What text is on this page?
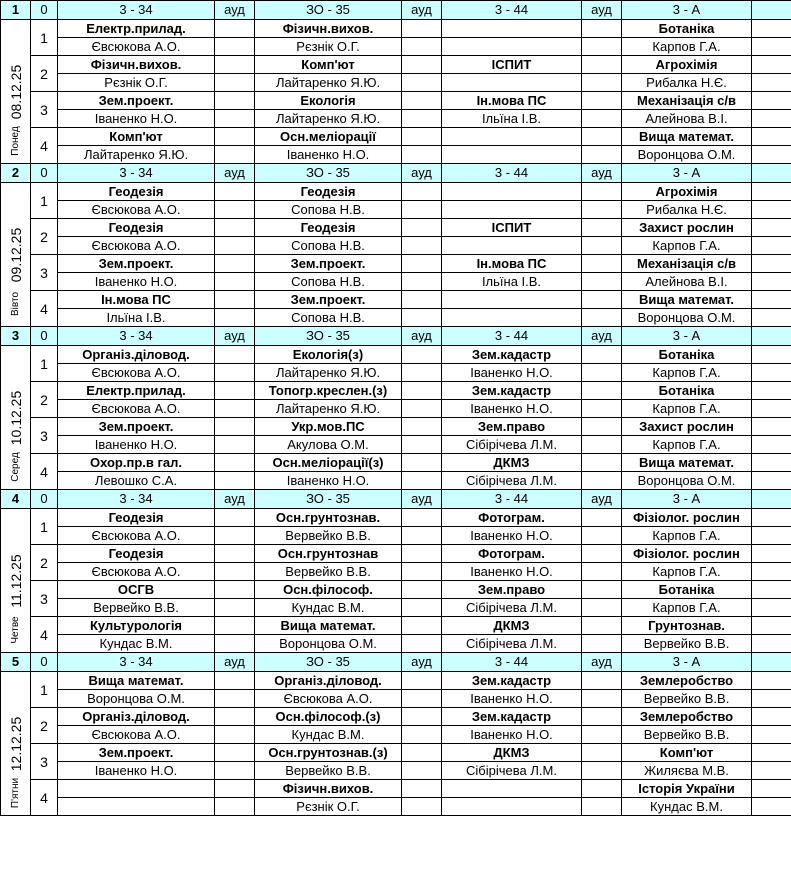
1	0	3 - 34	ауд	ЗО - 35	ауд	3 - 44	ауд	3 - А	

08.12.25
Понед	1	Електр.прилад.		Фізичн.вихов.				Ботаніка	
		Євсюкова А.О.		Рєзнік О.Г.				Карпов Г.А.	
	2	Фізичн.вихов.		Комп'ют		ІСПИТ		Агрохімія	
		Рєзнік О.Г.		Лайтаренко Я.Ю.				Рибалка Н.Є.	
	3	Зем.проект.		Екологія		Ін.мова ПС		Механізація с/в	
		Іваненко Н.О.		Лайтаренко Я.Ю.		Ільїна І.В.		Алейнова В.І.	
	4	Комп'ют		Осн.меліорації				Вища математ.	
		Лайтаренко Я.Ю.		Іваненко Н.О.				Воронцова О.М.	
2	0	3 - 34	ауд	ЗО - 35	ауд	3 - 44	ауд	3 - А	

09.12.25
Вівто	1	Геодезія		Геодезія				Агрохімія	
		Євсюкова А.О.		Сопова Н.В.				Рибалка Н.Є.	
	2	Геодезія		Геодезія		ІСПИТ		Захист рослин	
		Євсюкова А.О.		Сопова Н.В.				Карпов Г.А.	
	3	Зем.проект.		Зем.проект.		Ін.мова ПС		Механізація с/в	
		Іваненко Н.О.		Сопова Н.В.		Ільїна І.В.		Алейнова В.І.	
	4	Ін.мова ПС		Зем.проект.				Вища математ.	
		Ільїна І.В.		Сопова Н.В.				Воронцова О.М.	
3	0	3 - 34	ауд	ЗО - 35	ауд	3 - 44	ауд	3 - А	

10.12.25
Серед	1	Організ.діловод.		Екологія(з)		Зем.кадастр		Ботаніка	
		Євсюкова А.О.		Лайтаренко Я.Ю.		Іваненко Н.О.		Карпов Г.А.	
	2	Електр.прилад.		Топогр.креслен.(з)		Зем.кадастр		Ботаніка	
		Євсюкова А.О.		Лайтаренко Я.Ю.		Іваненко Н.О.		Карпов Г.А.	
	3	Зем.проект.		Укр.мов.ПС		Зем.право		Захист рослин	
		Іваненко Н.О.		Акулова О.М.		Сібірічева Л.М.		Карпов Г.А.	
	4	Охор.пр.в гал.		Осн.меліорації(з)		ДКМЗ		Вища математ.	
		Левошко С.А.		Іваненко Н.О.		Сібірічева Л.М.		Воронцова О.М.	
4	0	3 - 34	ауд	ЗО - 35	ауд	3 - 44	ауд	3 - А	

11.12.25
Четве	1	Геодезія		Осн.грунтознав.		Фотограм.		Фізіолог. рослин	
		Євсюкова А.О.		Вервейко В.В.		Іваненко Н.О.		Карпов Г.А.	
	2	Геодезія		Осн.грунтознав		Фотограм.		Фізіолог. рослин	
		Євсюкова А.О.		Вервейко В.В.		Іваненко Н.О.		Карпов Г.А.	
	3	ОСГВ		Осн.філософ.		Зем.право		Ботаніка	
		Вервейко В.В.		Кундас В.М.		Сібірічева Л.М.		Карпов Г.А.	
	4	Культурологія		Вища математ.		ДКМЗ		Грунтознав.	
		Кундас В.М.		Воронцова О.М.		Сібірічева Л.М.		Вервейко В.В.	
5	0	3 - 34	ауд	ЗО - 35	ауд	3 - 44	ауд	3 - А	

12.12.25
П'ятни	1	Вища математ.		Організ.діловод.		Зем.кадастр		Землеробство	
		Воронцова О.М.		Євсюкова А.О.		Іваненко Н.О.		Вервейко В.В.	
	2	Організ.діловод.		Осн.філософ.(з)		Зем.кадастр		Землеробство	
		Євсюкова А.О.		Кундас В.М.		Іваненко Н.О.		Вервейко В.В.	
	3	Зем.проект.		Осн.грунтознав.(з)		ДКМЗ		Комп'ют	
		Іваненко Н.О.		Вервейко В.В.		Сібірічева Л.М.		Жиляєва М.В.	
	4			Фізичн.вихов.				Історія України	
				Рєзнік О.Г.				Кундас В.М.	
